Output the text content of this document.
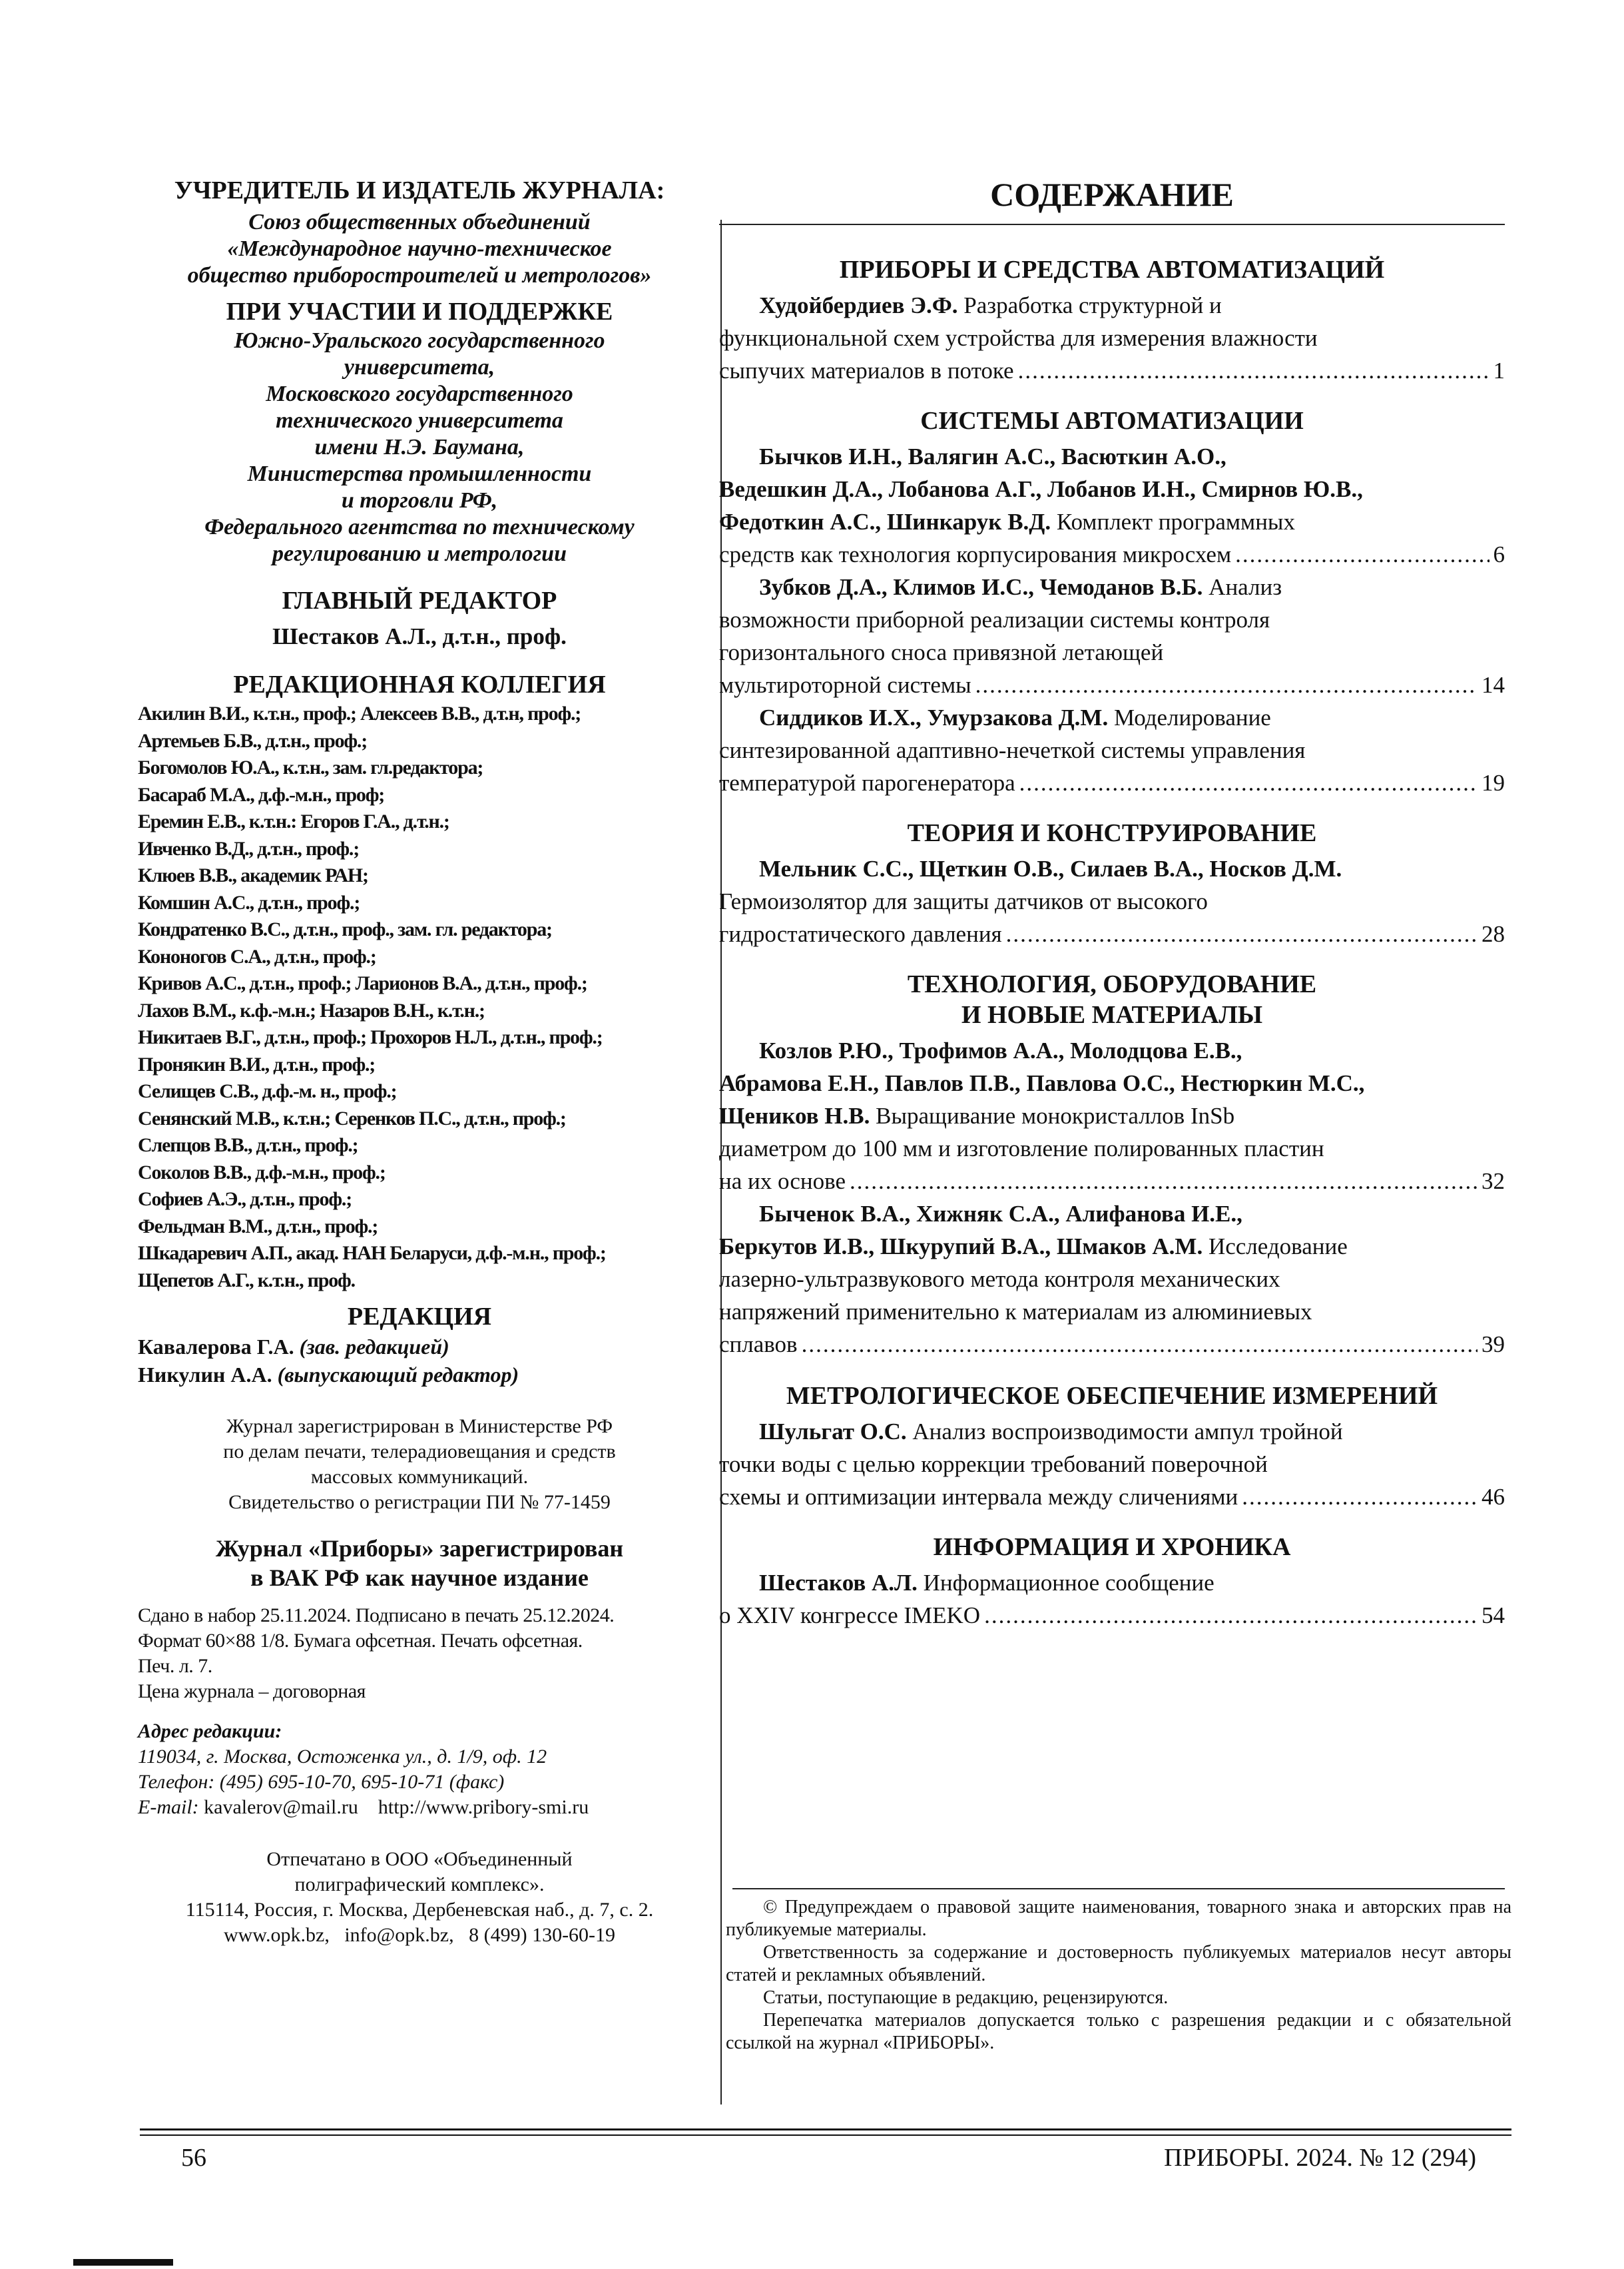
УЧРЕДИТЕЛЬ И ИЗДАТЕЛЬ ЖУРНАЛА:
Союз общественных объединений
«Международное научно-техническое
общество приборостроителей и метрологов»
ПРИ УЧАСТИИ И ПОДДЕРЖКЕ
Южно-Уральского государственного
университета,
Московского государственного
технического университета
имени Н.Э. Баумана,
Министерства промышленности
и торговли РФ,
Федерального агентства по техническому
регулированию и метрологии
ГЛАВНЫЙ РЕДАКТОР
Шестаков А.Л., д.т.н., проф.
РЕДАКЦИОННАЯ КОЛЛЕГИЯ
Акилин В.И., к.т.н., проф.; Алексеев В.В., д.т.н, проф.;
Артемьев Б.В., д.т.н., проф.;
Богомолов Ю.А., к.т.н., зам. гл.редактора;
Басараб М.А., д.ф.-м.н., проф;
Еремин Е.В., к.т.н.: Егоров Г.А., д.т.н.;
Ивченко В.Д., д.т.н., проф.;
Клюев В.В., академик РАН;
Комшин А.С., д.т.н., проф.;
Кондратенко В.С., д.т.н., проф., зам. гл. редактора;
Кононогов С.А., д.т.н., проф.;
Кривов А.С., д.т.н., проф.; Ларионов В.А., д.т.н., проф.;
Лахов В.М., к.ф.-м.н.; Назаров В.Н., к.т.н.;
Никитаев В.Г., д.т.н., проф.; Прохоров Н.Л., д.т.н., проф.;
Пронякин В.И., д.т.н., проф.;
Селищев С.В., д.ф.-м. н., проф.;
Сенянский М.В., к.т.н.; Серенков П.С., д.т.н., проф.;
Слепцов В.В., д.т.н., проф.;
Соколов В.В., д.ф.-м.н., проф.;
Софиев А.Э., д.т.н., проф.;
Фельдман В.М., д.т.н., проф.;
Шкадаревич А.П., акад. НАН Беларуси, д.ф.-м.н., проф.;
Щепетов А.Г., к.т.н., проф.
РЕДАКЦИЯ
Кавалерова Г.А. (зав. редакцией)
Никулин А.А. (выпускающий редактор)
Журнал зарегистрирован в Министерстве РФ
по делам печати, телерадиовещания и средств
массовых коммуникаций.
Свидетельство о регистрации ПИ № 77-1459
Журнал «Приборы» зарегистрирован
в ВАК РФ как научное издание
Сдано в набор 25.11.2024. Подписано в печать 25.12.2024.
Формат 60×88 1/8. Бумага офсетная. Печать офсетная.
Печ. л. 7.
Цена журнала – договорная
Адрес редакции:
119034, г. Москва, Остоженка ул., д. 1/9, оф. 12
Телефон: (495) 695-10-70, 695-10-71 (факс)
E-mail: kavalerov@mail.ru http://www.pribory-smi.ru
Отпечатано в ООО «Объединенный
полиграфический комплекс».
115114, Россия, г. Москва, Дербеневская наб., д. 7, с. 2.
www.opk.bz,   info@opk.bz,   8 (499) 130-60-19
СОДЕРЖАНИЕ
ПРИБОРЫ И СРЕДСТВА АВТОМАТИЗАЦИЙ
Худойбердиев Э.Ф. Разработка структурной и
функциональной схем устройства для измерения влажности
сыпучих материалов в потоке .....	1
СИСТЕМЫ АВТОМАТИЗАЦИИ
Бычков И.Н., Валягин А.С., Васюткин А.О.,
Ведешкин Д.А., Лобанова А.Г., Лобанов И.Н., Смирнов Ю.В.,
Федоткин А.С., Шинкарук В.Д. Комплект программных
средств как технология корпусирования микросхем .....	6
Зубков Д.А., Климов И.С., Чемоданов В.Б. Анализ
возможности приборной реализации системы контроля
горизонтального сноса привязной летающей
мультироторной системы .....	14
Сиддиков И.Х., Умурзакова Д.М. Моделирование
синтезированной адаптивно-нечеткой системы управления
температурой парогенератора .....	19
ТЕОРИЯ И КОНСТРУИРОВАНИЕ
Мельник С.С., Щеткин О.В., Силаев В.А., Носков Д.М.
Гермоизолятор для защиты датчиков от высокого
гидростатического давления .....	28
ТЕХНОЛОГИЯ, ОБОРУДОВАНИЕ
И НОВЫЕ МАТЕРИАЛЫ
Козлов Р.Ю., Трофимов А.А., Молодцова Е.В.,
Абрамова Е.Н., Павлов П.В., Павлова О.С., Нестюркин М.С.,
Щеников Н.В. Выращивание монокристаллов InSb
диаметром до 100 мм и изготовление полированных пластин
на их основе .....	32
Быченок В.А., Хижняк С.А., Алифанова И.Е.,
Беркутов И.В., Шкурупий В.А., Шмаков А.М. Исследование
лазерно-ультразвукового метода контроля механических
напряжений применительно к материалам из алюминиевых
сплавов .....	39
МЕТРОЛОГИЧЕСКОЕ ОБЕСПЕЧЕНИЕ ИЗМЕРЕНИЙ
Шульгат О.С. Анализ воспроизводимости ампул тройной
точки воды с целью коррекции требований поверочной
схемы и оптимизации интервала между сличениями .....	46
ИНФОРМАЦИЯ И ХРОНИКА
Шестаков А.Л. Информационное сообщение
о XXIV конгрессе IMEKO .....	54

© Предупреждаем о правовой защите наименования, товарного знака и авторских прав на публикуемые материалы.

Ответственность за содержание и достоверность публикуемых материалов несут авторы статей и рекламных объявлений.

Статьи, поступающие в редакцию, рецензируются.

Перепечатка материалов допускается только с разрешения редакции и с обязательной ссылкой на журнал «ПРИБОРЫ».

56	ПРИБОРЫ. 2024. № 12 (294)
